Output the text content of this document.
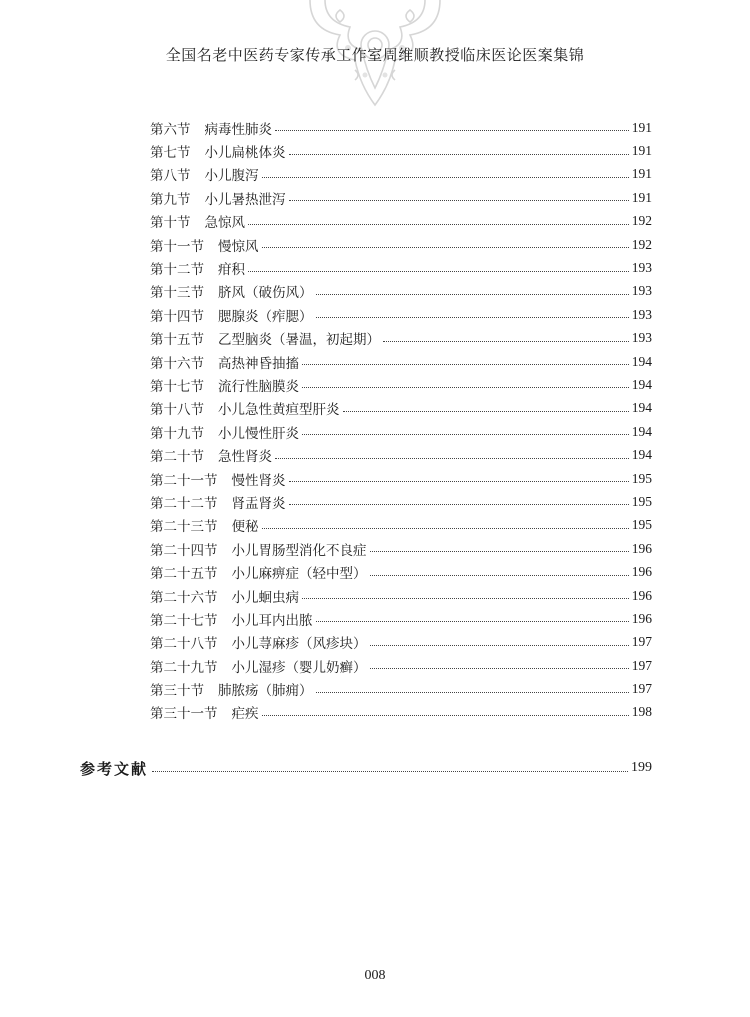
全国名老中医药专家传承工作室周维顺教授临床医论医案集锦
第六节 病毒性肺炎	191
第七节 小儿扁桃体炎	191
第八节 小儿腹泻	191
第九节 小儿暑热泄泻	191
第十节 急惊风	192
第十一节 慢惊风	192
第十二节 疳积	193
第十三节 脐风（破伤风）	193
第十四节 腮腺炎（痄腮）	193
第十五节 乙型脑炎（暑温，初起期）	193
第十六节 高热神昏抽搐	194
第十七节 流行性脑膜炎	194
第十八节 小儿急性黄疸型肝炎	194
第十九节 小儿慢性肝炎	194
第二十节 急性肾炎	194
第二十一节 慢性肾炎	195
第二十二节 肾盂肾炎	195
第二十三节 便秘	195
第二十四节 小儿胃肠型消化不良症	196
第二十五节 小儿麻痹症（轻中型）	196
第二十六节 小儿蛔虫病	196
第二十七节 小儿耳内出脓	196
第二十八节 小儿荨麻疹（风疹块）	197
第二十九节 小儿湿疹（婴儿奶癣）	197
第三十节 肺脓疡（肺痈）	197
第三十一节 疟疾	198
参考文献	199
008
